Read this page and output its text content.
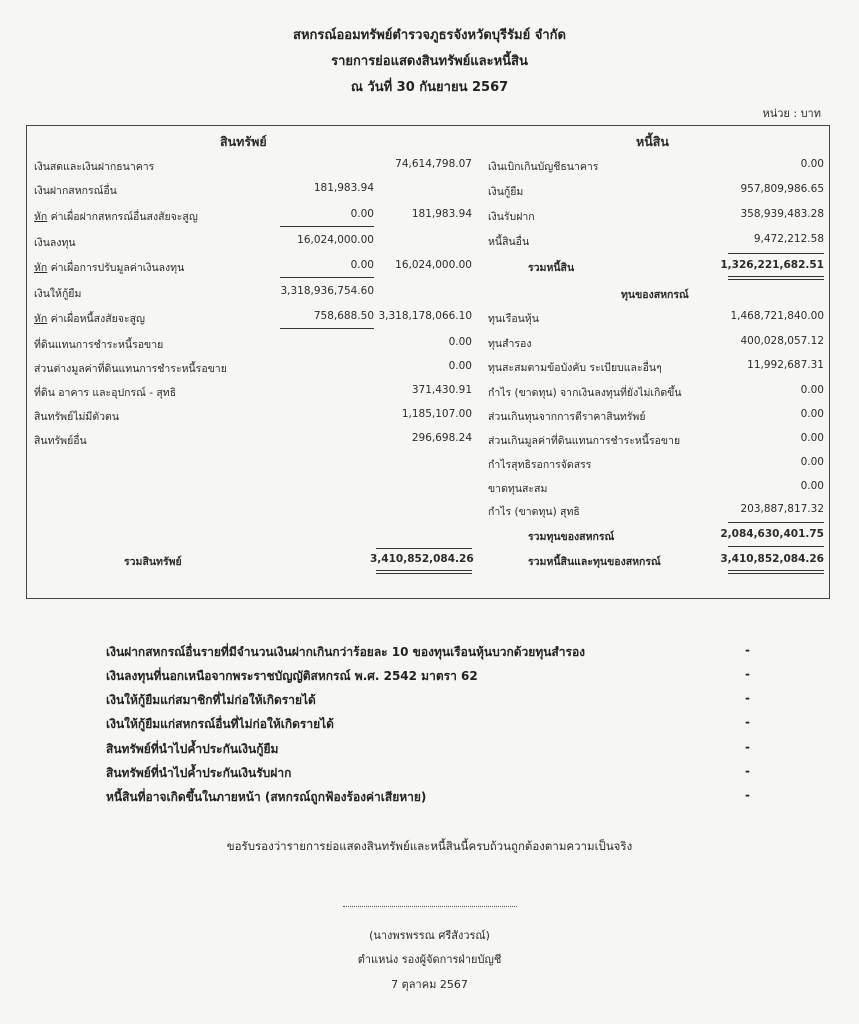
สหกรณ์ออมทรัพย์ตำรวจภูธรจังหวัดบุรีรัมย์ จำกัด
รายการย่อแสดงสินทรัพย์และหนี้สิน
ณ วันที่ 30 กันยายน 2567
หน่วย : บาท
สินทรัพย์	หนี้สิน
เงินสดและเงินฝากธนาคาร	74,614,798.07
เงินฝากสหกรณ์อื่น	181,983.94
หัก ค่าเผื่อฝากสหกรณ์อื่นสงสัยจะสูญ	0.00	181,983.94
เงินลงทุน	16,024,000.00
หัก ค่าเผื่อการปรับมูลค่าเงินลงทุน	0.00	16,024,000.00
เงินให้กู้ยืม	3,318,936,754.60
หัก ค่าเผื่อหนี้สงสัยจะสูญ	758,688.50 3,318,178,066.10
ที่ดินแทนการชำระหนี้รอขาย	0.00
ส่วนต่างมูลค่าที่ดินแทนการชำระหนี้รอขาย	0.00
ที่ดิน อาคาร และอุปกรณ์ - สุทธิ	371,430.91
สินทรัพย์ไม่มีตัวตน	1,185,107.00
สินทรัพย์อื่น	296,698.24
รวมสินทรัพย์	3,410,852,084.26
เงินเบิกเกินบัญชีธนาคาร	0.00
เงินกู้ยืม	957,809,986.65
เงินรับฝาก	358,939,483.28
หนี้สินอื่น	9,472,212.58
รวมหนี้สิน	1,326,221,682.51
ทุนของสหกรณ์
ทุนเรือนหุ้น	1,468,721,840.00
ทุนสำรอง	400,028,057.12
ทุนสะสมตามข้อบังคับ ระเบียบและอื่นๆ	11,992,687.31
กำไร (ขาดทุน) จากเงินลงทุนที่ยังไม่เกิดขึ้น	0.00
ส่วนเกินทุนจากการตีราคาสินทรัพย์	0.00
ส่วนเกินมูลค่าที่ดินแทนการชำระหนี้รอขาย	0.00
กำไรสุทธิรอการจัดสรร	0.00
ขาดทุนสะสม	0.00
กำไร (ขาดทุน) สุทธิ	203,887,817.32
รวมทุนของสหกรณ์	2,084,630,401.75
รวมหนี้สินและทุนของสหกรณ์	3,410,852,084.26
เงินฝากสหกรณ์อื่นรายที่มีจำนวนเงินฝากเกินกว่าร้อยละ 10 ของทุนเรือนหุ้นบวกด้วยทุนสำรอง	-
เงินลงทุนที่นอกเหนือจากพระราชบัญญัติสหกรณ์ พ.ศ. 2542 มาตรา 62	-
เงินให้กู้ยืมแก่สมาชิกที่ไม่ก่อให้เกิดรายได้	-
เงินให้กู้ยืมแก่สหกรณ์อื่นที่ไม่ก่อให้เกิดรายได้	-
สินทรัพย์ที่นำไปค้ำประกันเงินกู้ยืม	-
สินทรัพย์ที่นำไปค้ำประกันเงินรับฝาก	-
หนี้สินที่อาจเกิดขึ้นในภายหน้า (สหกรณ์ถูกฟ้องร้องค่าเสียหาย)	-
ขอรับรองว่ารายการย่อแสดงสินทรัพย์และหนี้สินนี้ครบถ้วนถูกต้องตามความเป็นจริง
(นางพรพรรณ ศรีสังวรณ์)
ตำแหน่ง รองผู้จัดการฝ่ายบัญชี
7 ตุลาคม 2567
